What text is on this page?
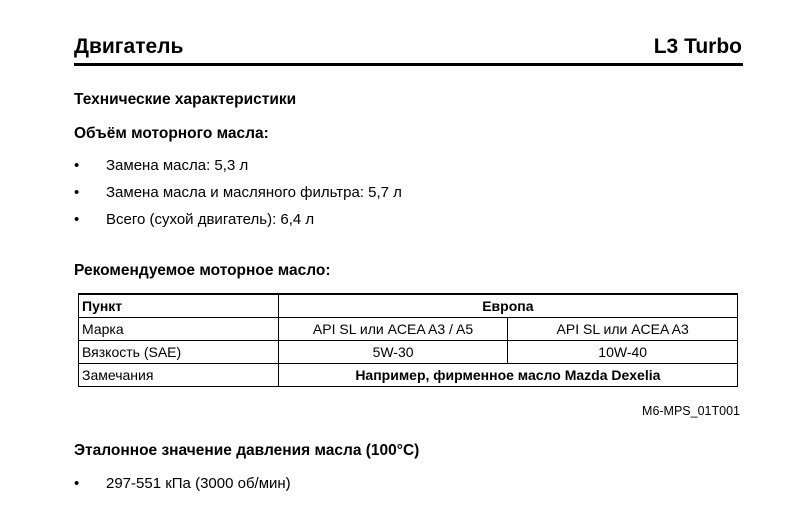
Двигатель	L3 Turbo
Технические характеристики
Объём моторного масла:
• Замена масла: 5,3 л
• Замена масла и масляного фильтра: 5,7 л
• Всего (сухой двигатель): 6,4 л
Рекомендуемое моторное масло:
Пункт	Европа	
Марка	API SL или ACEA A3 / A5	API SL или ACEA A3
Вязкость (SAE)	5W-30	10W-40
Замечания	Например, фирменное масло Mazda Dexelia	
M6-MPS_01T001
Эталонное значение давления масла (100°C)
• 297-551 кПа (3000 об/мин)
